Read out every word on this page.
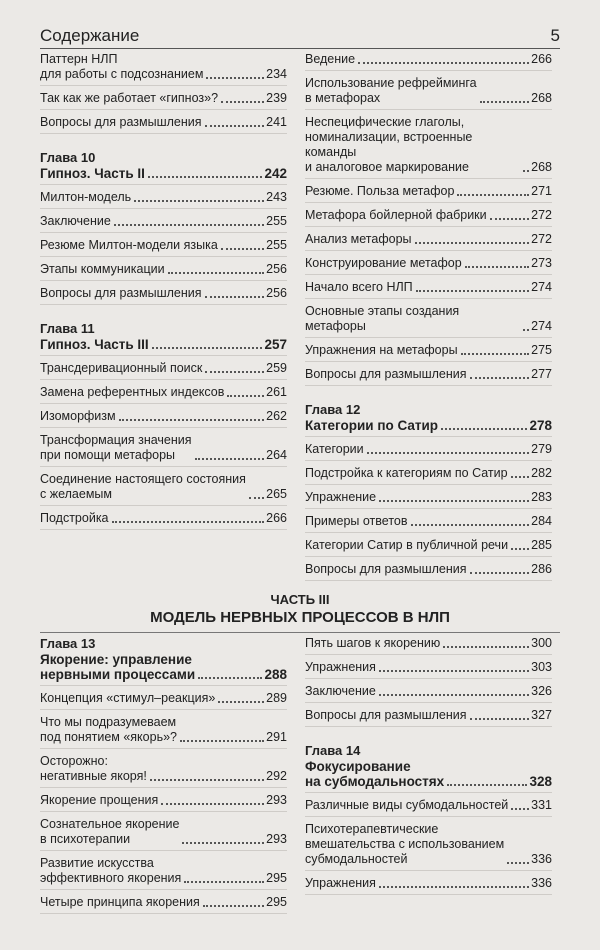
Содержание	5
Паттерн НЛП
для работы с подсознанием	234
Так как же работает «гипноз»?	239
Вопросы для размышления	241
Глава 10
Гипноз. Часть II	242
Милтон-модель	243
Заключение	255
Резюме Милтон-модели языка	255
Этапы коммуникации	256
Вопросы для размышления	256
Глава 11
Гипноз. Часть III	257
Трансдеривационный поиск	259
Замена референтных индексов	261
Изоморфизм	262
Трансформация значения
при помощи метафоры	264
Соединение настоящего состояния
с желаемым	265
Подстройка	266
Ведение	266
Использование рефрейминга
в метафорах	268
Неспецифические глаголы,
номинализации, встроенные команды
и аналоговое маркирование	268
Резюме. Польза метафор	271
Метафора бойлерной фабрики	272
Анализ метафоры	272
Конструирование метафор	273
Начало всего НЛП	274
Основные этапы создания метафоры	274
Упражнения на метафоры	275
Вопросы для размышления	277
Глава 12
Категории по Сатир	278
Категории	279
Подстройка к категориям по Сатир 282
Упражнение	283
Примеры ответов	284
Категории Сатир в публичной речи 285
Вопросы для размышления	286
ЧАСТЬ III
МОДЕЛЬ НЕРВНЫХ ПРОЦЕССОВ В НЛП
Глава 13
Якорение: управление
нервными процессами	288
Концепция «стимул–реакция»	289
Что мы подразумеваем
под понятием «якорь»?	291
Осторожно:
негативные якоря!	292
Якорение прощения	293
Сознательное якорение
в психотерапии	293
Развитие искусства
эффективного якорения	295
Четыре принципа якорения	295
Пять шагов к якорению	300
Упражнения	303
Заключение	326
Вопросы для размышления	327
Глава 14
Фокусирование
на субмодальностях	328
Различные виды субмодальностей 331
Психотерапевтические
вмешательства с использованием
субмодальностей	336
Упражнения	336
